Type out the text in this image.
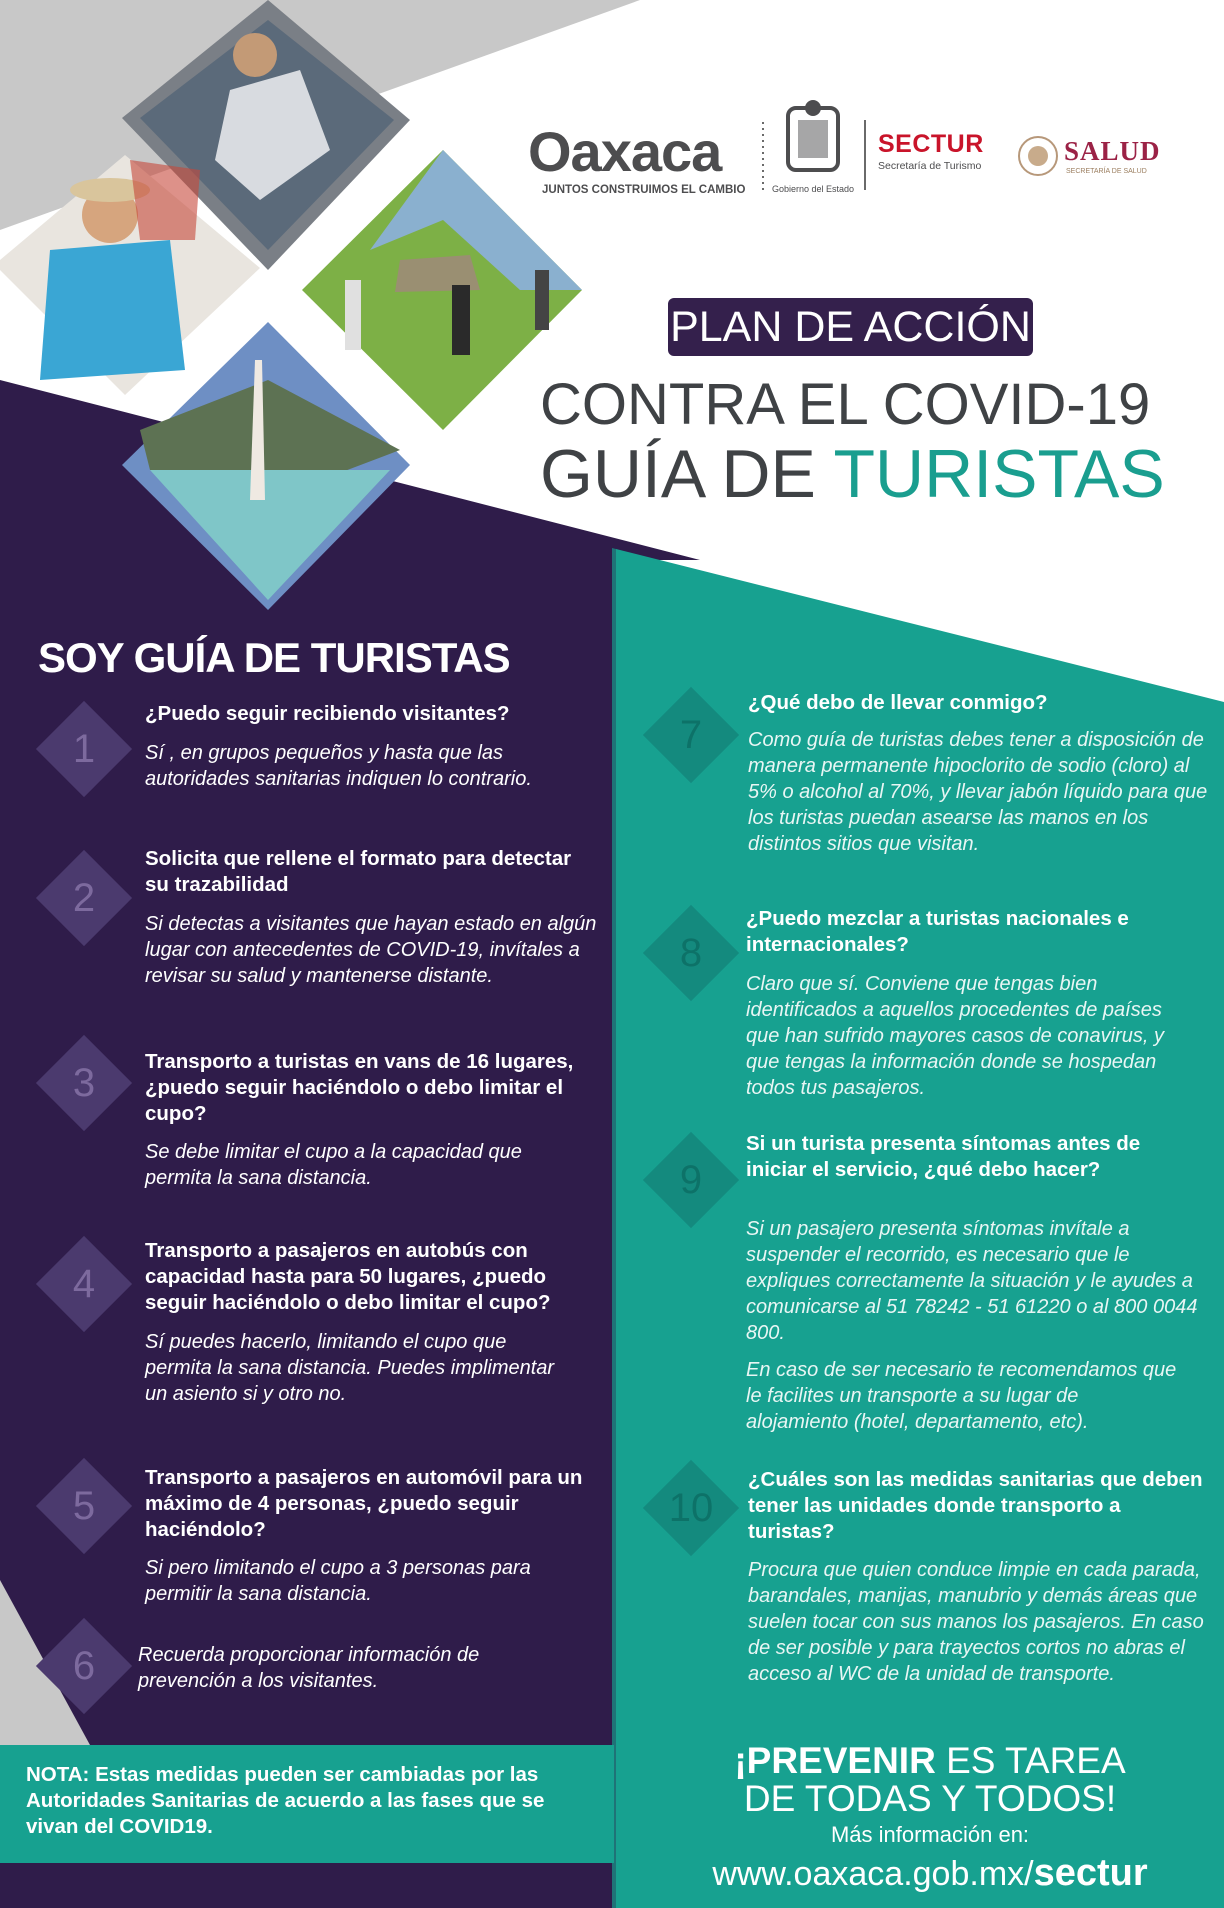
Oaxaca
JUNTOS CONSTRUIMOS EL CAMBIO	Gobierno del Estado
SECTUR
Secretaría de Turismo	SALUD
SECRETARÍA DE SALUD
PLAN DE ACCIÓN
CONTRA EL COVID-19
GUÍA DE TURISTAS
SOY GUÍA DE TURISTAS
1
¿Puedo seguir recibiendo visitantes?
Sí , en grupos pequeños y hasta que las autoridades sanitarias indiquen lo contrario.
2
Solicita que rellene el formato para detectar su trazabilidad
Si detectas a visitantes que hayan estado en algún lugar con antecedentes de COVID-19, invítales a revisar su salud y mantenerse distante.
3	Transporto a turistas en vans de 16 lugares, ¿puedo seguir haciéndolo o debo limitar el cupo?
Se debe limitar el cupo a la capacidad que permita la sana distancia.
4
Transporto a pasajeros en autobús con capacidad hasta para 50 lugares, ¿puedo seguir haciéndolo o debo limitar el cupo?
Sí puedes hacerlo, limitando el cupo que permita la sana distancia. Puedes implimentar un asiento si y otro no.
5
Transporto a pasajeros en automóvil para un máximo de 4 personas, ¿puedo seguir haciéndolo?
Si pero limitando el cupo a 3 personas para permitir la sana distancia.
6	Recuerda proporcionar información de prevención a los visitantes.
7
¿Qué debo de llevar conmigo?
Como guía de turistas debes tener a disposición de manera permanente hipoclorito de sodio (cloro) al 5% o alcohol al 70%, y llevar jabón líquido para que los turistas puedan asearse las manos en los distintos sitios que visitan.
8
¿Puedo mezclar a turistas nacionales e internacionales?
Claro que sí. Conviene que tengas bien identificados a aquellos procedentes de países que han sufrido mayores casos de conavirus, y que tengas la información donde se hospedan todos tus pasajeros.
9
Si un turista presenta síntomas antes de iniciar el servicio, ¿qué debo hacer?
Si un pasajero presenta síntomas invítale a suspender el recorrido, es necesario que le expliques correctamente la situación y le ayudes a comunicarse al 51 78242 - 51 61220 o al 800 0044 800.
En caso de ser necesario te recomendamos que le facilites un transporte a su lugar de alojamiento (hotel, departamento, etc).
10
¿Cuáles son las medidas sanitarias que deben tener las unidades donde transporto a turistas?
Procura que quien conduce limpie en cada parada, barandales, manijas, manubrio y demás áreas que suelen tocar con sus manos los pasajeros. En caso de ser posible y para trayectos cortos no abras el acceso al WC de la unidad de transporte.
NOTA: Estas medidas pueden ser cambiadas por las Autoridades Sanitarias de acuerdo a las fases que se vivan del COVID19.
¡PREVENIR ES TAREA
DE TODAS Y TODOS!
Más información en:
www.oaxaca.gob.mx/sectur
